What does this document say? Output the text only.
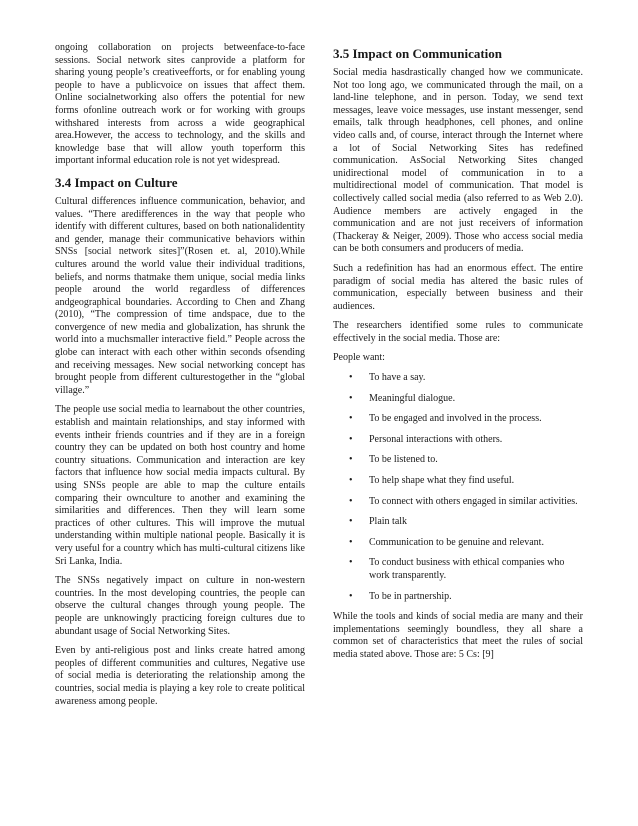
ongoing collaboration on projects betweenface-to-face sessions. Social network sites canprovide a platform for sharing young people’s creativeefforts, or for enabling young people to have a publicvoice on issues that affect them. Online socialnetworking also offers the potential for new forms ofonline outreach work or for working with groups withshared interests from across a wide geographical area.However, the access to technology, and the skills and knowledge base that will allow youth toperform this important informal education role is not yet widespread.

3.4 Impact on Culture

Cultural differences influence communication, behavior, and values. “There aredifferences in the way that people who identify with different cultures, based on both nationalidentity and gender, manage their communicative behaviors within SNSs [social network sites]”(Rosen et. al, 2010).While cultures around the world value their individual traditions, beliefs, and norms thatmake them unique, social media links people around the world regardless of differences andgeographical boundaries. According to Chen and Zhang (2010), “The compression of time andspace, due to the convergence of new media and globalization, has shrunk the world into a muchsmaller interactive field.” People across the globe can interact with each other within seconds ofsending and receiving messages. New social networking concept has brought people from different culturestogether in the “global village.”

The people use social media to learnabout the other countries, establish and maintain relationships, and stay informed with events intheir friends countries and if they are in a foreign country they can be updated on both host country and home country situations. Communication and interaction are key factors that influence how social media impacts cultural. By using SNSs people are able to map the culture entails comparing their ownculture to another and examining the similarities and differences. Then they will learn some practices of other cultures. This will improve the mutual understanding within multiple national people. Basically it is very useful for a country which has multi-cultural citizens like Sri Lanka, India.

The SNSs negatively impact on culture in non-western countries. In the most developing countries, the people can observe the cultural changes through young people. The people are unknowingly practicing foreign cultures due to abundant usage of Social Networking Sites.

Even by anti-religious post and links create hatred among peoples of different communities and cultures, Negative use of social media is deteriorating the relationship among the countries, social media is playing a key role to create political awareness among people.

3.5 Impact on Communication

Social media hasdrastically changed how we communicate. Not too long ago, we communicated through the mail, on a land-line telephone, and in person. Today, we send text messages, leave voice messages, use instant messenger, send emails, talk through headphones, cell phones, and online video calls and, of course, interact through the Internet where a lot of Social Networking Sites has redefined communication. AsSocial Networking Sites changed unidirectional model of communication in to a multidirectional model of communication. That model is collectively called social media (also referred to as Web 2.0). Audience members are actively engaged in the communication and are not just receivers of information (Thackeray & Neiger, 2009). Those who access social media can be both consumers and producers of media.

Such a redefinition has had an enormous effect. The entire paradigm of social media has altered the basic rules of communication, especially between business and their audiences.

The researchers identified some rules to communicate effectively in the social media. Those are:

People want:

• To have a say.
• Meaningful dialogue.
• To be engaged and involved in the process.
• Personal interactions with others.
• To be listened to.
• To help shape what they find useful.
• To connect with others engaged in similar activities.
• Plain talk
• Communication to be genuine and relevant.
• To conduct business with ethical companies who work transparently.
• To be in partnership.

While the tools and kinds of social media are many and their implementations seemingly boundless, they all share a common set of characteristics that meet the rules of social media stated above. Those are: 5 Cs: [9]
